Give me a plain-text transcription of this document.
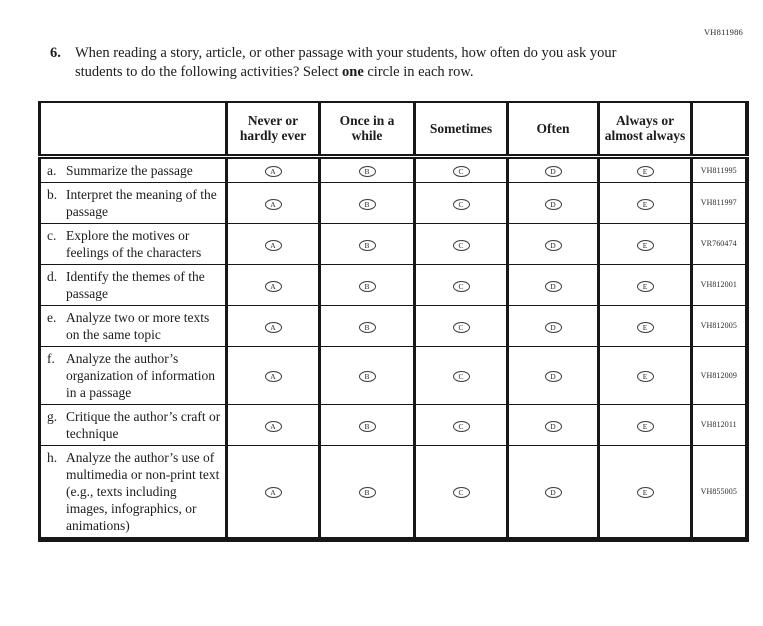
VH811986
6. When reading a story, article, or other passage with your students, how often do you ask your students to do the following activities? Select one circle in each row.
	Never or hardly ever	Once in a while	Sometimes	Often	Always or almost always	

a. Summarize the passage	A	B	C	D	E	VH811995

b. Interpret the meaning of the passage	A	B	C	D	E	VH811997

c. Explore the motives or feelings of the characters	A	B	C	D	E	VR760474

d. Identify the themes of the passage	A	B	C	D	E	VH812001

e. Analyze two or more texts on the same topic	A	B	C	D	E	VH812005

f. Analyze the author’s organization of information in a passage	A	B	C	D	E	VH812009

g. Critique the author’s craft or technique	A	B	C	D	E	VH812011

h. Analyze the author’s use of multimedia or non-print text (e.g., texts including images, infographics, or animations)	A	B	C	D	E	VH855005
